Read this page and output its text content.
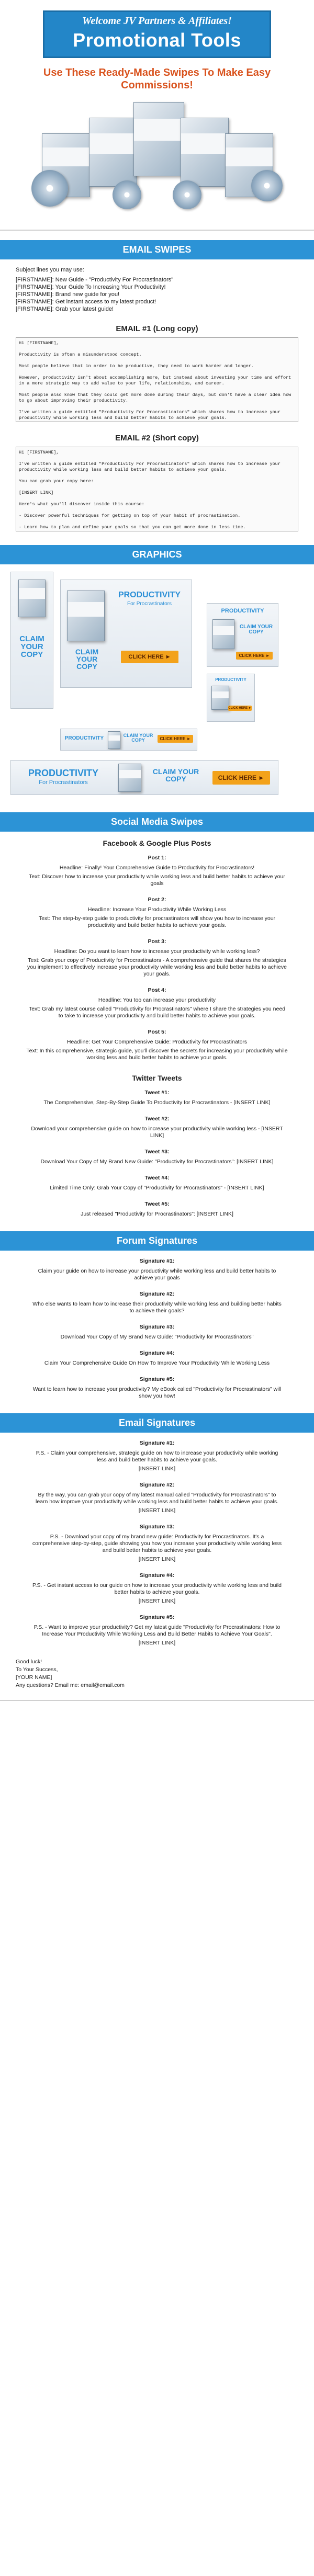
Welcome JV Partners & Affiliates!
Promotional Tools
Use These Ready-Made Swipes To Make Easy Commissions!
EMAIL SWIPES
Subject lines you may use:
[FIRSTNAME]: New Guide - "Productivity For Procrastinators"
[FIRSTNAME]: Your Guide To Increasing Your Productivity!
[FIRSTNAME]: Brand new guide for you!
[FIRSTNAME]: Get instant access to my latest product!
[FIRSTNAME]: Grab your latest guide!
EMAIL #1 (Long copy)
Hi [FIRSTNAME],

Productivity is often a misunderstood concept.

Most people believe that in order to be productive, they need to work harder and longer.

However, productivity isn't about accomplishing more, but instead about investing your time and effort in a more strategic way to add value to your life, relationships, and career.

Most people also know that they could get more done during their days, but don't have a clear idea how to go about improving their productivity.

I've written a guide entitled "Productivity For Procrastinators" which shares how to increase your productivity while working less and build better habits to achieve your goals.

EMAIL #2 (Short copy)
Hi [FIRSTNAME],

I've written a guide entitled "Productivity For Procrastinators" which shares how to increase your productivity while working less and build better habits to achieve your goals.

You can grab your copy here:

[INSERT LINK]

Here's what you'll discover inside this course:

- Discover powerful techniques for getting on top of your habit of procrastination.

- Learn how to plan and define your goals so that you can get more done in less time.

GRAPHICS
CLAIM YOUR COPY
PRODUCTIVITY
For Procrastinators
CLAIM YOUR COPY
CLICK HERE ►
PRODUCTIVITY
CLAIM YOUR COPY
CLICK HERE ►
PRODUCTIVITY
CLICK HERE ►
PRODUCTIVITY	CLAIM YOUR COPY	CLICK HERE ►
PRODUCTIVITY
For Procrastinators
CLAIM YOUR COPY	CLICK HERE ►
Social Media Swipes
Facebook & Google Plus Posts
Post 1:

Headline: Finally! Your Comprehensive Guide to Productivity for Procrastinators!

Text: Discover how to increase your productivity while working less and build better habits to achieve your goals

Post 2:

Headline: Increase Your Productivity While Working Less

Text: The step-by-step guide to productivity for procrastinators will show you how to increase your productivity and build better habits to achieve your goals.

Post 3:

Headline: Do you want to learn how to increase your productivity while working less?

Text: Grab your copy of Productivity for Procrastinators - A comprehensive guide that shares the strategies you implement to effectively increase your productivity while working less and build better habits to achieve your goals.

Post 4:

Headline: You too can increase your productivity

Text: Grab my latest course called "Productivity for Procrastinators" where I share the strategies you need to take to increase your productivity and build better habits to achieve your goals.

Post 5:

Headline: Get Your Comprehensive Guide: Productivity for Procrastinators

Text: In this comprehensive, strategic guide, you'll discover the secrets for increasing your productivity while working less and build better habits to achieve your goals.

Twitter Tweets
Tweet #1:

The Comprehensive, Step-By-Step Guide To Productivity for Procrastinators - [INSERT LINK]

Tweet #2:

Download your comprehensive guide on how to increase your productivity while working less - [INSERT LINK]

Tweet #3:

Download Your Copy of My Brand New Guide: "Productivity for Procrastinators": [INSERT LINK]

Tweet #4:

Limited Time Only: Grab Your Copy of "Productivity for Procrastinators" - [INSERT LINK]

Tweet #5:

Just released "Productivity for Procrastinators": [INSERT LINK]

Forum Signatures
Signature #1:
Claim your guide on how to increase your productivity while working less and build better habits to achieve your goals
Signature #2:
Who else wants to learn how to increase their productivity while working less and building better habits to achieve their goals?
Signature #3:
Download Your Copy of My Brand New Guide: "Productivity for Procrastinators"
Signature #4:
Claim Your Comprehensive Guide On How To Improve Your Productivity While Working Less
Signature #5:
Want to learn how to increase your productivity? My eBook called "Productivity for Procrastinators" will show you how!
Email Signatures
Signature #1:
P.S. - Claim your comprehensive, strategic guide on how to increase your productivity while working less and build better habits to achieve your goals.
[INSERT LINK]
Signature #2:
By the way, you can grab your copy of my latest manual called "Productivity for Procrastinators" to learn how improve your productivity while working less and build better habits to achieve your goals.
[INSERT LINK]
Signature #3:
P.S. - Download your copy of my brand new guide: Productivity for Procrastinators. It's a comprehensive step-by-step, guide showing you how you increase your productivity while working less and build better habits to achieve your goals.
[INSERT LINK]
Signature #4:
P.S. - Get instant access to our guide on how to increase your productivity while working less and build better habits to achieve your goals.
[INSERT LINK]
Signature #5:
P.S. - Want to improve your productivity? Get my latest guide "Productivity for Procrastinators: How to Increase Your Productivity While Working Less and Build Better Habits to Achieve Your Goals".
[INSERT LINK]
Good luck!
To Your Success,
[YOUR NAME]
Any questions? Email me: email@email.com
